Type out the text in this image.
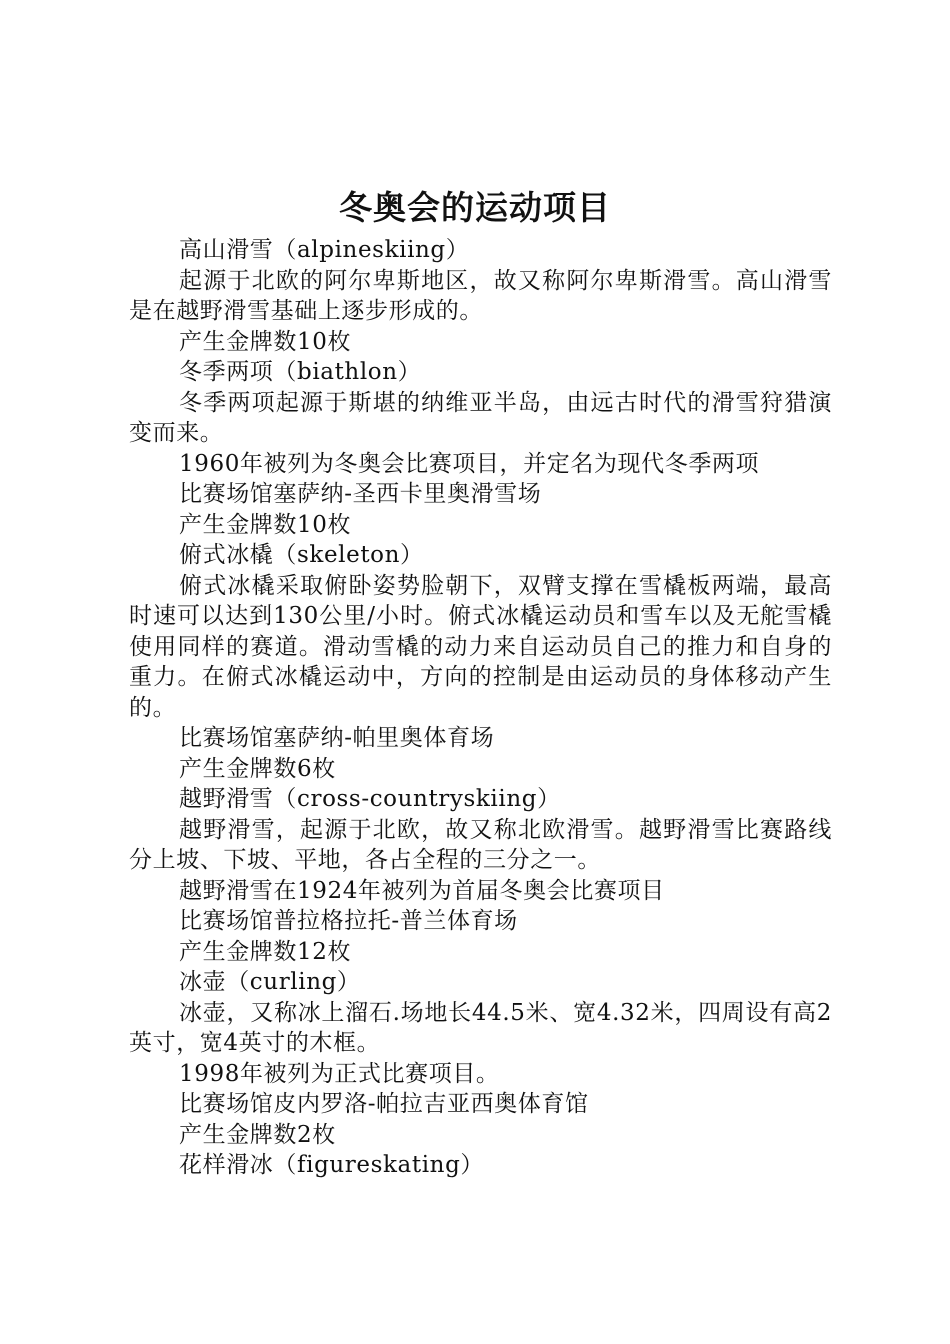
冬奥会的运动项目

高山滑雪（alpineskiing）

起源于北欧的阿尔卑斯地区，故又称阿尔卑斯滑雪。高山滑雪是在越野滑雪基础上逐步形成的。

产生金牌数10枚

冬季两项（biathlon）

冬季两项起源于斯堪的纳维亚半岛，由远古时代的滑雪狩猎演变而来。

1960年被列为冬奥会比赛项目，并定名为现代冬季两项

比赛场馆塞萨纳-圣西卡里奥滑雪场

产生金牌数10枚

俯式冰橇（skeleton）

俯式冰橇采取俯卧姿势脸朝下，双臂支撑在雪橇板两端，最高时速可以达到130公里/小时。俯式冰橇运动员和雪车以及无舵雪橇使用同样的赛道。滑动雪橇的动力来自运动员自己的推力和自身的重力。在俯式冰橇运动中，方向的控制是由运动员的身体移动产生的。

比赛场馆塞萨纳-帕里奥体育场

产生金牌数6枚

越野滑雪（cross-countryskiing）

越野滑雪，起源于北欧，故又称北欧滑雪。越野滑雪比赛路线分上坡、下坡、平地，各占全程的三分之一。

越野滑雪在1924年被列为首届冬奥会比赛项目

比赛场馆普拉格拉托-普兰体育场

产生金牌数12枚

冰壶（curling）

冰壶，又称冰上溜石.场地长44.5米、宽4.32米，四周设有高2英寸，宽4英寸的木框。

1998年被列为正式比赛项目。

比赛场馆皮内罗洛-帕拉吉亚西奥体育馆

产生金牌数2枚

花样滑冰（figureskating）
